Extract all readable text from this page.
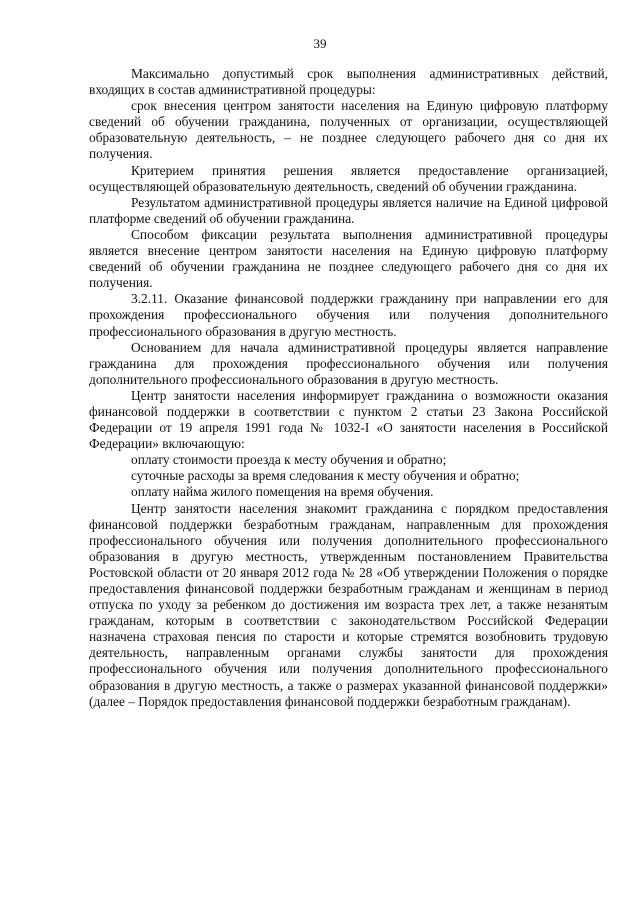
39

Максимально допустимый срок выполнения административных действий, входящих в состав административной процедуры:

срок внесения центром занятости населения на Единую цифровую платформу сведений об обучении гражданина, полученных от организации, осуществляющей образовательную деятельность, – не позднее следующего рабочего дня со дня их получения.

Критерием принятия решения является предоставление организацией, осуществляющей образовательную деятельность, сведений об обучении гражданина.

Результатом административной процедуры является наличие на Единой цифровой платформе сведений об обучении гражданина.

Способом фиксации результата выполнения административной процедуры является внесение центром занятости населения на Единую цифровую платформу сведений об обучении гражданина не позднее следующего рабочего дня со дня их получения.

3.2.11. Оказание финансовой поддержки гражданину при направлении его для прохождения профессионального обучения или получения дополнительного профессионального образования в другую местность.

Основанием для начала административной процедуры является направление гражданина для прохождения профессионального обучения или получения дополнительного профессионального образования в другую местность.

Центр занятости населения информирует гражданина о возможности оказания финансовой поддержки в соответствии с пунктом 2 статьи 23 Закона Российской Федерации от 19 апреля 1991 года № 1032-I «О занятости населения в Российской Федерации» включающую:

оплату стоимости проезда к месту обучения и обратно;

суточные расходы за время следования к месту обучения и обратно;

оплату найма жилого помещения на время обучения.

Центр занятости населения знакомит гражданина с порядком предоставления финансовой поддержки безработным гражданам, направленным для прохождения профессионального обучения или получения дополнительного профессионального образования в другую местность, утвержденным постановлением Правительства Ростовской области от 20 января 2012 года № 28 «Об утверждении Положения о порядке предоставления финансовой поддержки безработным гражданам и женщинам в период отпуска по уходу за ребенком до достижения им возраста трех лет, а также незанятым гражданам, которым в соответствии с законодательством Российской Федерации назначена страховая пенсия по старости и которые стремятся возобновить трудовую деятельность, направленным органами службы занятости для прохождения профессионального обучения или получения дополнительного профессионального образования в другую местность, а также о размерах указанной финансовой поддержки» (далее – Порядок предоставления финансовой поддержки безработным гражданам).
